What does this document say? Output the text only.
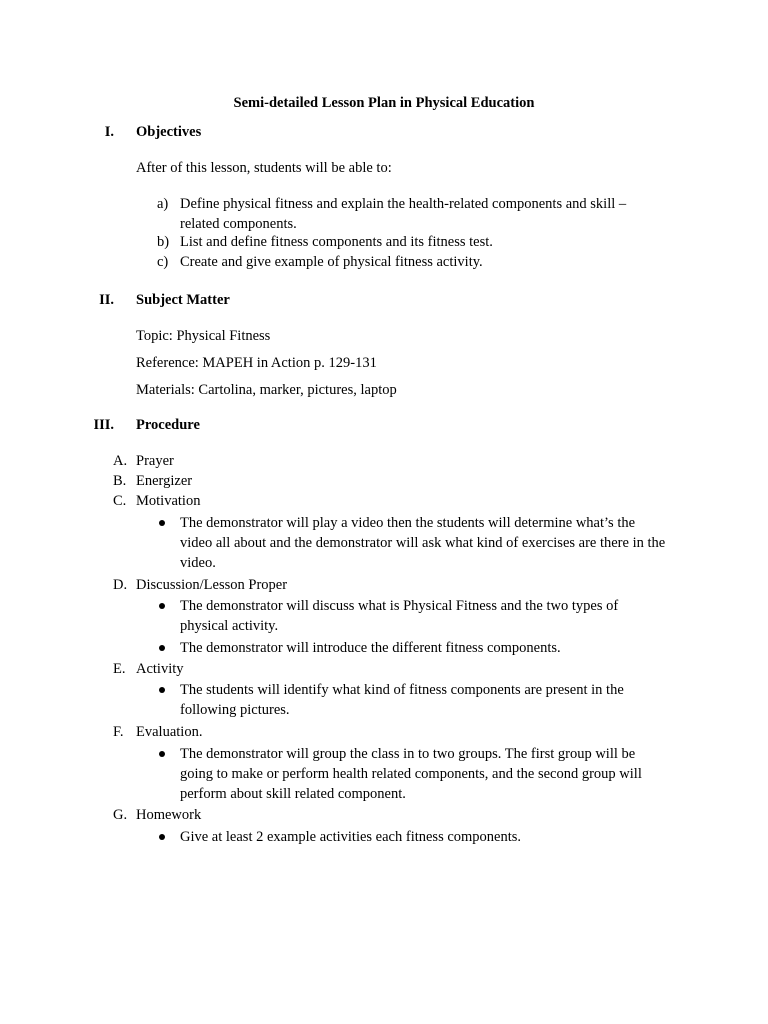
Semi-detailed Lesson Plan in Physical Education
I. Objectives
After of this lesson, students will be able to:
a) Define physical fitness and explain the health-related components and skill – related components.
b) List and define fitness components and its fitness test.
c) Create and give example of physical fitness activity.
II. Subject Matter
Topic: Physical Fitness
Reference: MAPEH in Action p. 129-131
Materials: Cartolina, marker, pictures, laptop
III. Procedure
A. Prayer
B. Energizer
C. Motivation
The demonstrator will play a video then the students will determine what’s the video all about and the demonstrator will ask what kind of exercises are there in the video.
D. Discussion/Lesson Proper
The demonstrator will discuss what is Physical Fitness and the two types of physical activity.
The demonstrator will introduce the different fitness components.
E. Activity
The students will identify what kind of fitness components are present in the following pictures.
F. Evaluation.
The demonstrator will group the class in to two groups. The first group will be going to make or perform health related components, and the second group will perform about skill related component.
G. Homework
Give at least 2 example activities each fitness components.
